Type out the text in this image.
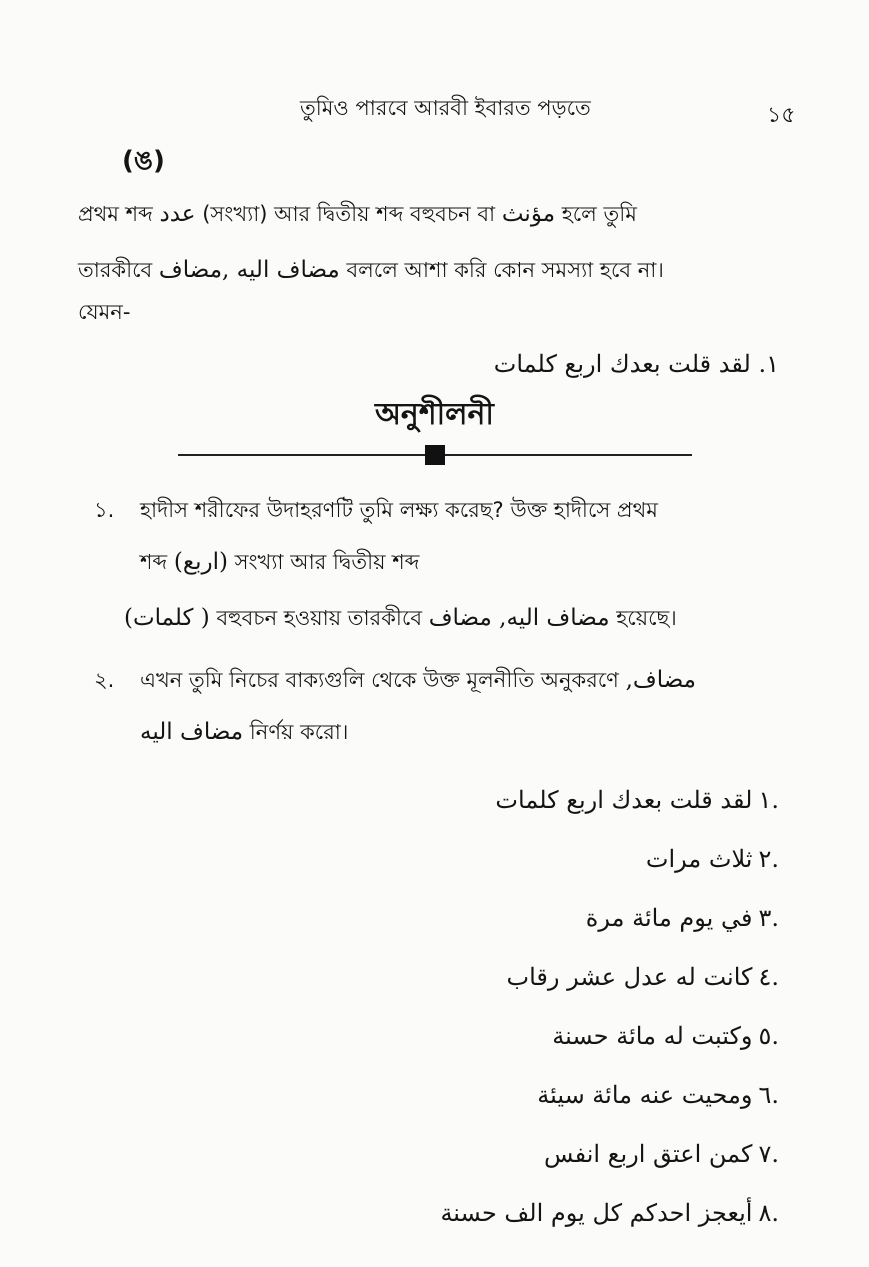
তুমিও পারবে আরবী ইবারত পড়তে	১৫
(ঙ)
প্রথম শব্দ عدد (সংখ্যা) আর দ্বিতীয় শব্দ বহুবচন বা مؤنث হলে তুমি
তারকীবে مضاف اليه ,مضاف বললে আশা করি কোন সমস্যা হবে না।
যেমন-
١. لقد قلت بعدك اربع كلمات
অনুশীলনী
১. হাদীস শরীফের উদাহরণটি তুমি লক্ষ্য করেছ? উক্ত হাদীসে প্রথম
শব্দ (اربع) সংখ্যা আর দ্বিতীয় শব্দ
( كلمات) বহুবচন হওয়ায় তারকীবে مضاف اليه, مضاف হয়েছে।
২. এখন তুমি নিচের বাক্যগুলি থেকে উক্ত মূলনীতি অনুকরণে مضاف,
مضاف اليه নির্ণয় করো।
لقد قلت بعدك اربع كلمات ١.
ثلاث مرات ٢.
في يوم مائة مرة ٣.
كانت له عدل عشر رقاب ٤.
وكتبت له مائة حسنة ٥.
ومحيت عنه مائة سيئة ٦.
كمن اعتق اربع انفس ٧.
أيعجز احدكم كل يوم الف حسنة ٨.
